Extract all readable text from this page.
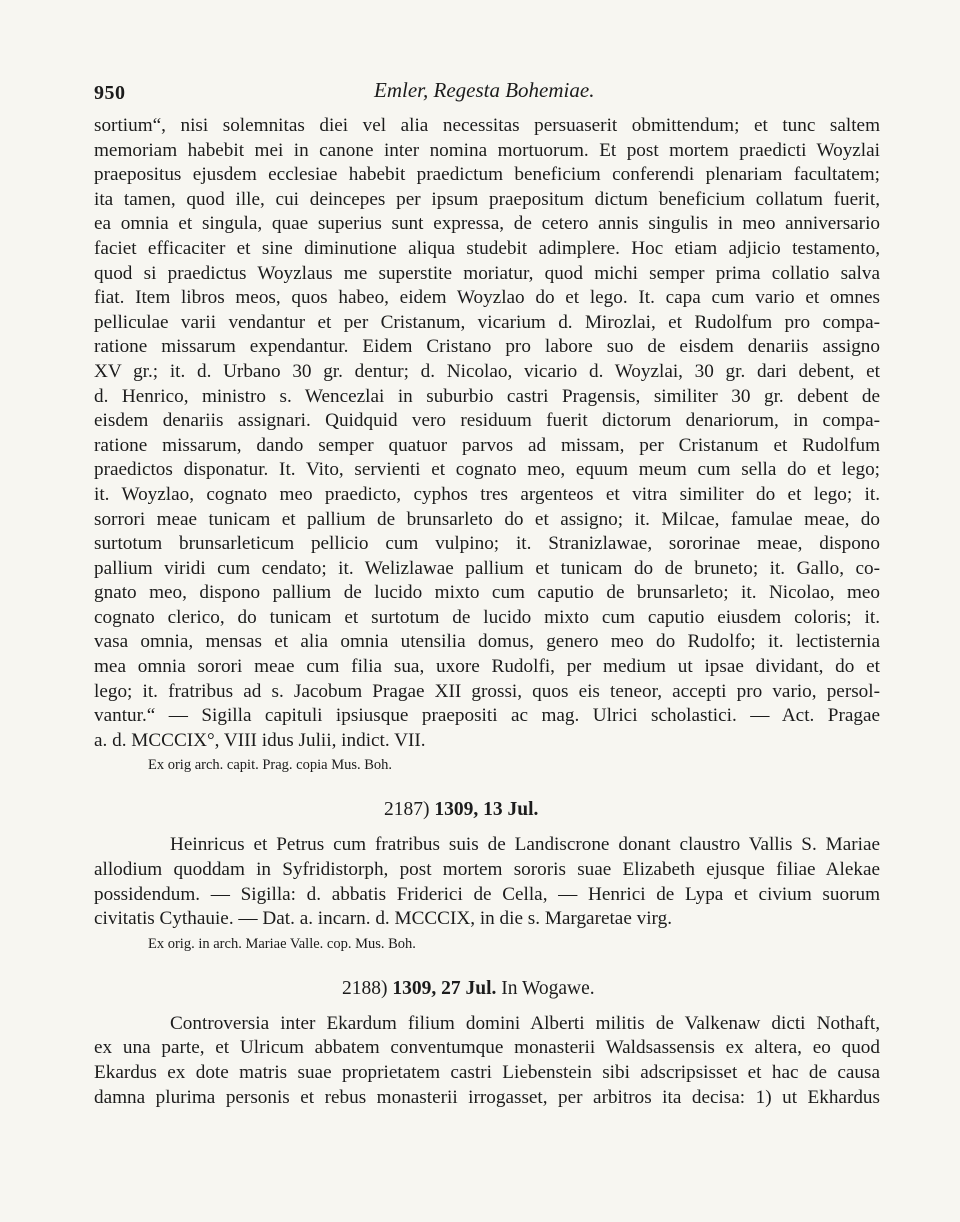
950	Emler, Regesta Bohemiae.
sortium“, nisi solemnitas diei vel alia necessitas persuaserit obmittendum; et tunc saltem
memoriam habebit mei in canone inter nomina mortuorum. Et post mortem praedicti Woyzlai
praepositus ejusdem ecclesiae habebit praedictum beneficium conferendi plenariam facultatem;
ita tamen, quod ille, cui deincepes per ipsum praepositum dictum beneficium collatum fuerit,
ea omnia et singula, quae superius sunt expressa, de cetero annis singulis in meo anniversario
faciet efficaciter et sine diminutione aliqua studebit adimplere. Hoc etiam adjicio testamento,
quod si praedictus Woyzlaus me superstite moriatur, quod michi semper prima collatio salva
fiat. Item libros meos, quos habeo, eidem Woyzlao do et lego. It. capa cum vario et omnes
pelliculae varii vendantur et per Cristanum, vicarium d. Mirozlai, et Rudolfum pro compa-
ratione missarum expendantur. Eidem Cristano pro labore suo de eisdem denariis assigno
XV gr.; it. d. Urbano 30 gr. dentur; d. Nicolao, vicario d. Woyzlai, 30 gr. dari debent, et
d. Henrico, ministro s. Wencezlai in suburbio castri Pragensis, similiter 30 gr. debent de
eisdem denariis assignari. Quidquid vero residuum fuerit dictorum denariorum, in compa-
ratione missarum, dando semper quatuor parvos ad missam, per Cristanum et Rudolfum
praedictos disponatur. It. Vito, servienti et cognato meo, equum meum cum sella do et lego;
it. Woyzlao, cognato meo praedicto, cyphos tres argenteos et vitra similiter do et lego; it.
sorrori meae tunicam et pallium de brunsarleto do et assigno; it. Milcae, famulae meae, do
surtotum brunsarleticum pellicio cum vulpino; it. Stranizlawae, sororinae meae, dispono
pallium viridi cum cendato; it. Welizlawae pallium et tunicam do de bruneto; it. Gallo, co-
gnato meo, dispono pallium de lucido mixto cum caputio de brunsarleto; it. Nicolao, meo
cognato clerico, do tunicam et surtotum de lucido mixto cum caputio eiusdem coloris; it.
vasa omnia, mensas et alia omnia utensilia domus, genero meo do Rudolfo; it. lectisternia
mea omnia sorori meae cum filia sua, uxore Rudolfi, per medium ut ipsae dividant, do et
lego; it. fratribus ad s. Jacobum Pragae XII grossi, quos eis teneor, accepti pro vario, persol-
vantur.“ — Sigilla capituli ipsiusque praepositi ac mag. Ulrici scholastici. — Act. Pragae
a. d. MCCCIX°, VIII idus Julii, indict. VII.
Ex orig arch. capit. Prag. copia Mus. Boh.
2187) 1309, 13 Jul.
Heinricus et Petrus cum fratribus suis de Landiscrone donant claustro Vallis S. Mariae
allodium quoddam in Syfridistorph, post mortem sororis suae Elizabeth ejusque filiae Alekae
possidendum. — Sigilla: d. abbatis Friderici de Cella, — Henrici de Lypa et civium suorum
civitatis Cythauie. — Dat. a. incarn. d. MCCCIX, in die s. Margaretae virg.
Ex orig. in arch. Mariae Valle. cop. Mus. Boh.
2188) 1309, 27 Jul. In Wogawe.
Controversia inter Ekardum filium domini Alberti militis de Valkenaw dicti Nothaft,
ex una parte, et Ulricum abbatem conventumque monasterii Waldsassensis ex altera, eo quod
Ekardus ex dote matris suae proprietatem castri Liebenstein sibi adscripsisset et hac de causa
damna plurima personis et rebus monasterii irrogasset, per arbitros ita decisa: 1) ut Ekhardus
